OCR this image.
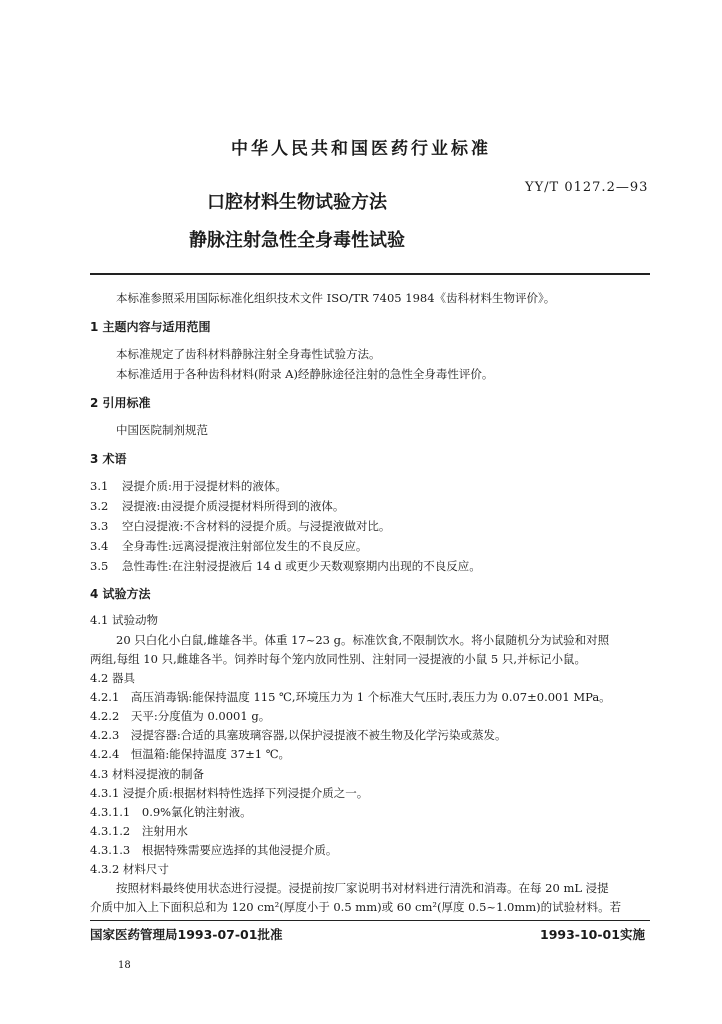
中华人民共和国医药行业标准
YY/T 0127.2—93
口腔材料生物试验方法
静脉注射急性全身毒性试验
本标准参照采用国际标准化组织技术文件 ISO/TR 7405 1984《齿科材料生物评价》。
1 主题内容与适用范围
本标准规定了齿科材料静脉注射全身毒性试验方法。
本标准适用于各种齿科材料(附录 A)经静脉途径注射的急性全身毒性评价。
2 引用标准
中国医院制剂规范
3 术语
3.1 浸提介质:用于浸提材料的液体。
3.2 浸提液:由浸提介质浸提材料所得到的液体。
3.3 空白浸提液:不含材料的浸提介质。与浸提液做对比。
3.4 全身毒性:远离浸提液注射部位发生的不良反应。
3.5 急性毒性:在注射浸提液后 14 d 或更少天数观察期内出现的不良反应。
4 试验方法
4.1 试验动物
20 只白化小白鼠,雌雄各半。体重 17~23 g。标准饮食,不限制饮水。将小鼠随机分为试验和对照
两组,每组 10 只,雌雄各半。饲养时每个笼内放同性别、注射同一浸提液的小鼠 5 只,并标记小鼠。
4.2 器具
4.2.1 高压消毒锅:能保持温度 115 ℃,环境压力为 1 个标准大气压时,表压力为 0.07±0.001 MPa。
4.2.2 天平:分度值为 0.0001 g。
4.2.3 浸提容器:合适的具塞玻璃容器,以保护浸提液不被生物及化学污染或蒸发。
4.2.4 恒温箱:能保持温度 37±1 ℃。
4.3 材料浸提液的制备
4.3.1 浸提介质:根据材料特性选择下列浸提介质之一。
4.3.1.1 0.9%氯化钠注射液。
4.3.1.2 注射用水
4.3.1.3 根据特殊需要应选择的其他浸提介质。
4.3.2 材料尺寸
按照材料最终使用状态进行浸提。浸提前按厂家说明书对材料进行清洗和消毒。在每 20 mL 浸提
介质中加入上下面积总和为 120 cm²(厚度小于 0.5 mm)或 60 cm²(厚度 0.5~1.0mm)的试验材料。若
国家医药管理局1993-07-01批准	1993-10-01实施
18
